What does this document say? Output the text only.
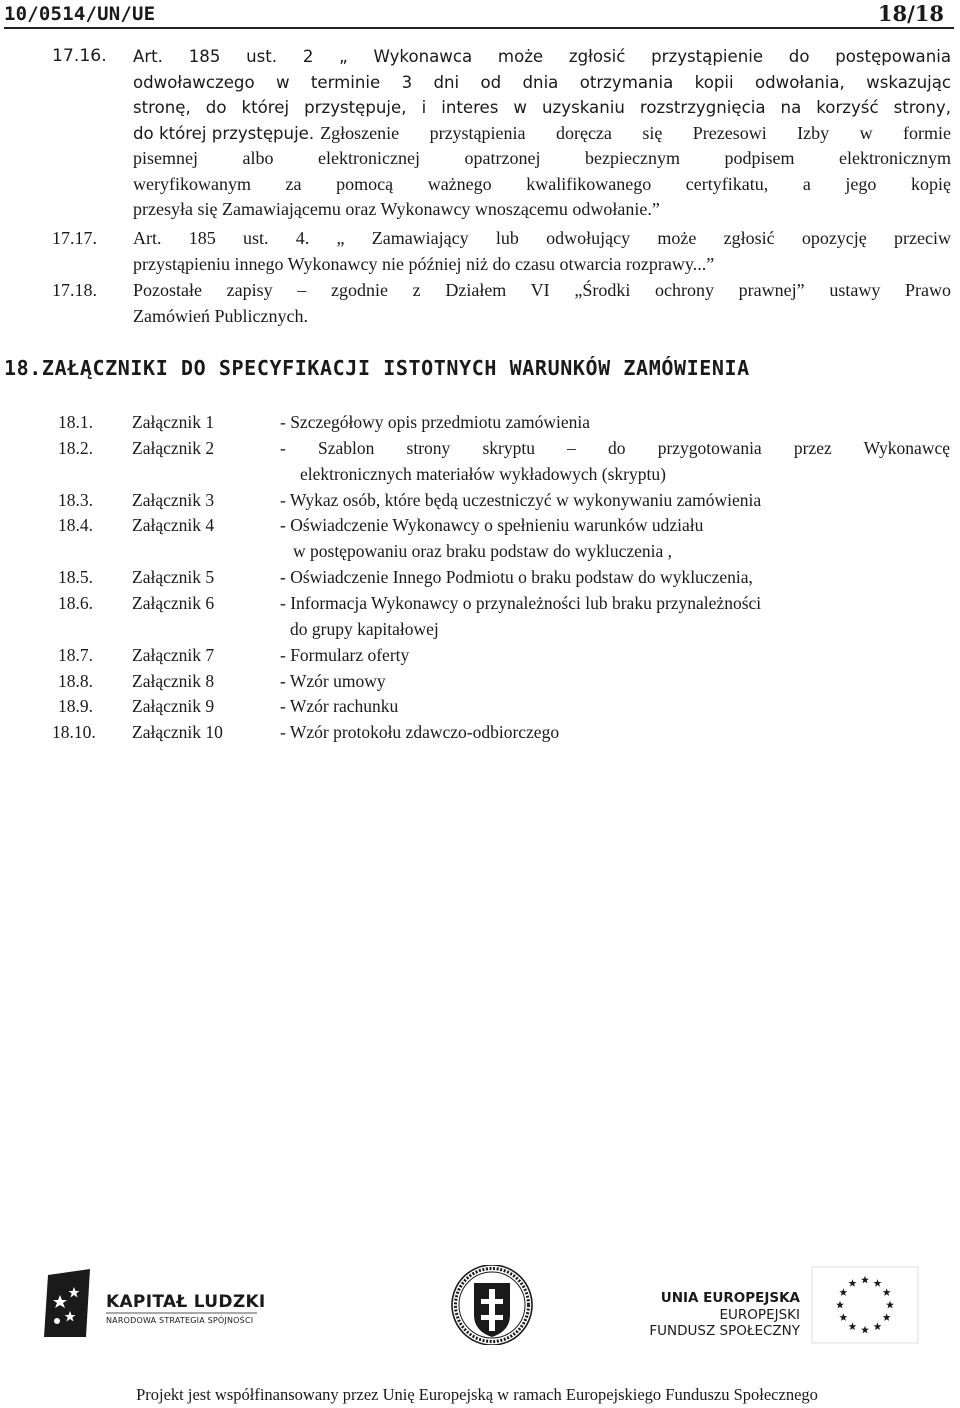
10/0514/UN/UE	18/18
17.16. Art. 185 ust. 2 „ Wykonawca może zgłosić przystąpienie do postępowania
odwoławczego w terminie 3 dni od dnia otrzymania kopii odwołania, wskazując
stronę, do której przystępuje, i interes w uzyskaniu rozstrzygnięcia na korzyść strony,
do której przystępuje. Zgłoszenie przystąpienia doręcza się Prezesowi Izby w formie
pisemnej albo elektronicznej opatrzonej bezpiecznym podpisem elektronicznym
weryfikowanym za pomocą ważnego kwalifikowanego certyfikatu, a jego kopię
przesyła się Zamawiającemu oraz Wykonawcy wnoszącemu odwołanie.”
17.17. Art. 185 ust. 4. „ Zamawiający lub odwołujący może zgłosić opozycję przeciw
przystąpieniu innego Wykonawcy nie później niż do czasu otwarcia rozprawy...”
17.18. Pozostałe zapisy – zgodnie z Działem VI „Środki ochrony prawnej” ustawy Prawo
Zamówień Publicznych.
18.ZAŁĄCZNIKI DO SPECYFIKACJI ISTOTNYCH WARUNKÓW ZAMÓWIENIA
18.1. Załącznik 1	- Szczegółowy opis przedmiotu zamówienia
18.2. Załącznik 2	- Szablon strony skryptu – do przygotowania przez Wykonawcę
elektronicznych materiałów wykładowych (skryptu)
18.3. Załącznik 3	- Wykaz osób, które będą uczestniczyć w wykonywaniu zamówienia
18.4. Załącznik 4	- Oświadczenie Wykonawcy o spełnieniu warunków udziału
w postępowaniu oraz braku podstaw do wykluczenia ,
18.5. Załącznik 5	- Oświadczenie Innego Podmiotu o braku podstaw do wykluczenia,
18.6. Załącznik 6	- Informacja Wykonawcy o przynależności lub braku przynależności
do grupy kapitałowej
18.7. Załącznik 7	- Formularz oferty
18.8. Załącznik 8	- Wzór umowy
18.9. Załącznik 9	- Wzór rachunku
18.10. Załącznik 10	- Wzór protokołu zdawczo-odbiorczego
KAPITAŁ LUDZKI
NARODOWA STRATEGIA SPÓJNOŚCI
UNIA EUROPEJSKA
EUROPEJSKI
FUNDUSZ SPOŁECZNY
Projekt jest współfinansowany przez Unię Europejską w ramach Europejskiego Funduszu Społecznego
